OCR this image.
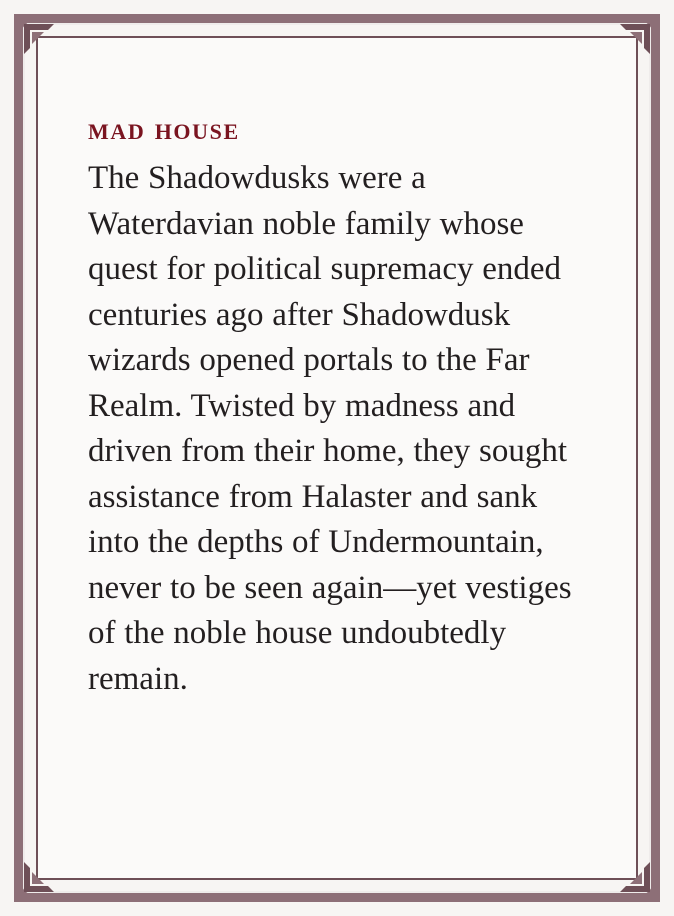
mad house

The Shadowdusks were a Waterdavian noble family whose quest for political supremacy ended centuries ago after Shadowdusk wizards opened portals to the Far Realm. Twisted by madness and driven from their home, they sought assistance from Halaster and sank into the depths of Undermountain, never to be seen again—yet vestiges of the noble house undoubtedly remain.
